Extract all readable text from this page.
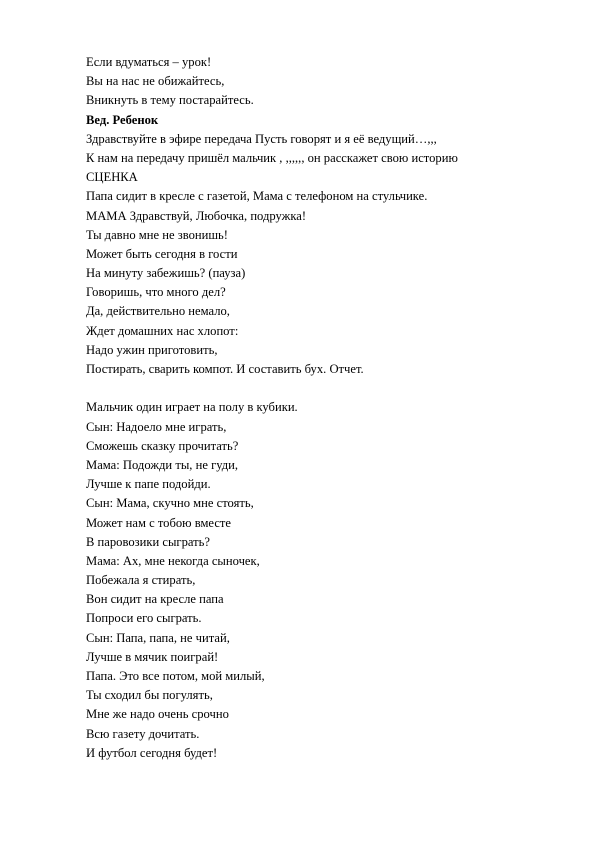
Если вдуматься – урок!
Вы на нас не обижайтесь,
Вникнуть в тему постарайтесь.
Вед. Ребенок
Здравствуйте в эфире передача Пусть говорят и я её ведущий…,,,
К нам на передачу пришёл мальчик , ,,,,,, он расскажет свою историю
СЦЕНКА
Папа сидит в кресле с газетой, Мама с телефоном на стульчике.
МАМА Здравствуй, Любочка, подружка!
Ты давно мне не звонишь!
Может быть сегодня в гости
На минуту забежишь? (пауза)
Говоришь, что много дел?
Да, действительно немало,
Ждет домашних нас хлопот:
Надо ужин приготовить,
Постирать, сварить компот. И составить бух. Отчет.
Мальчик один играет на полу в кубики.
Сын: Надоело мне играть,
Сможешь сказку прочитать?
Мама: Подожди ты, не гуди,
Лучше к папе подойди.
Сын: Мама, скучно мне стоять,
Может нам с тобою вместе
В паровозики сыграть?
Мама: Ах, мне некогда сыночек,
Побежала я стирать,
Вон сидит на кресле папа
Попроси его сыграть.
Сын: Папа, папа, не читай,
Лучше в мячик поиграй!
Папа. Это все потом, мой милый,
Ты сходил бы погулять,
Мне же надо очень срочно
Всю газету дочитать.
И футбол сегодня будет!
